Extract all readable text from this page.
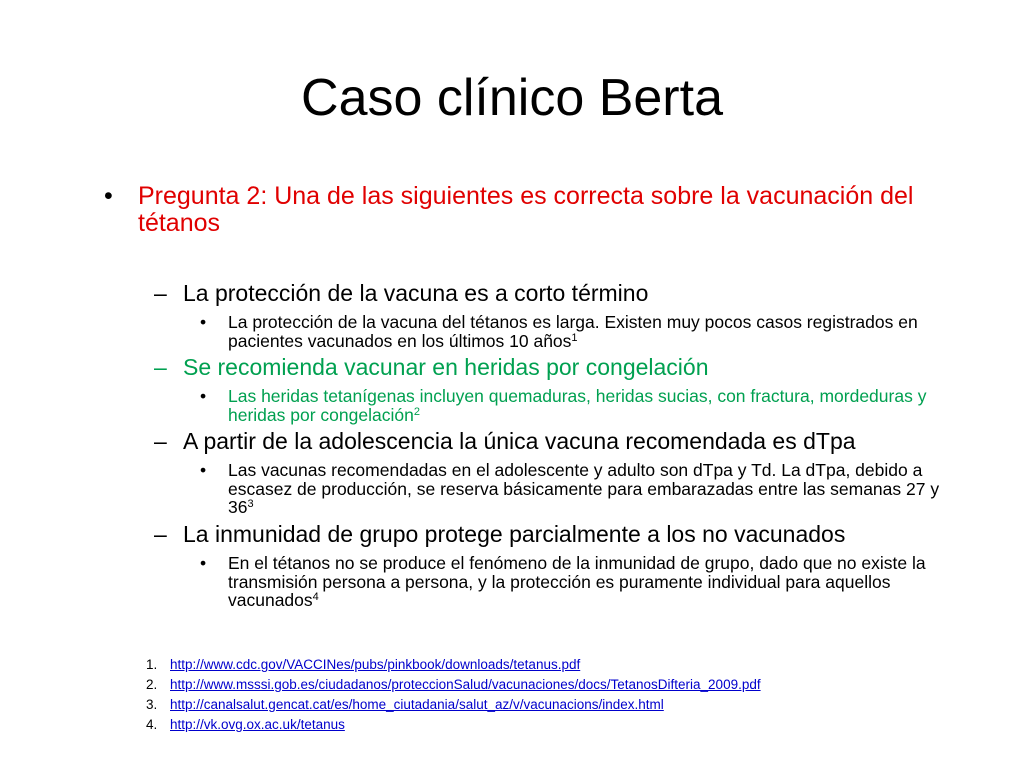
Caso clínico Berta
• Pregunta 2: Una de las siguientes es correcta sobre la vacunación del tétanos
– La protección de la vacuna es a corto término
• La protección de la vacuna del tétanos es larga. Existen muy pocos casos registrados en pacientes vacunados en los últimos 10 años$^1$
– Se recomienda vacunar en heridas por congelación
• Las heridas tetanígenas incluyen quemaduras, heridas sucias, con fractura, mordeduras y heridas por congelación$^2$
– A partir de la adolescencia la única vacuna recomendada es dTpa
• Las vacunas recomendadas en el adolescente y adulto son dTpa y Td. La dTpa, debido a escasez de producción, se reserva básicamente para embarazadas entre las semanas 27 y $36^3$
– La inmunidad de grupo protege parcialmente a los no vacunados
• En el tétanos no se produce el fenómeno de la inmunidad de grupo, dado que no existe la transmisión persona a persona, y la protección es puramente individual para aquellos vacunados$^4$
1. http://www.cdc.gov/VACCINes/pubs/pinkbook/downloads/tetanus.pdf
2. http://www.msssi.gob.es/ciudadanos/proteccionSalud/vacunaciones/docs/TetanosDifteria_2009.pdf
3. http://canalsalut.gencat.cat/es/home_ciutadania/salut_az/v/vacunacions/index.html
4. http://vk.ovg.ox.ac.uk/tetanus
